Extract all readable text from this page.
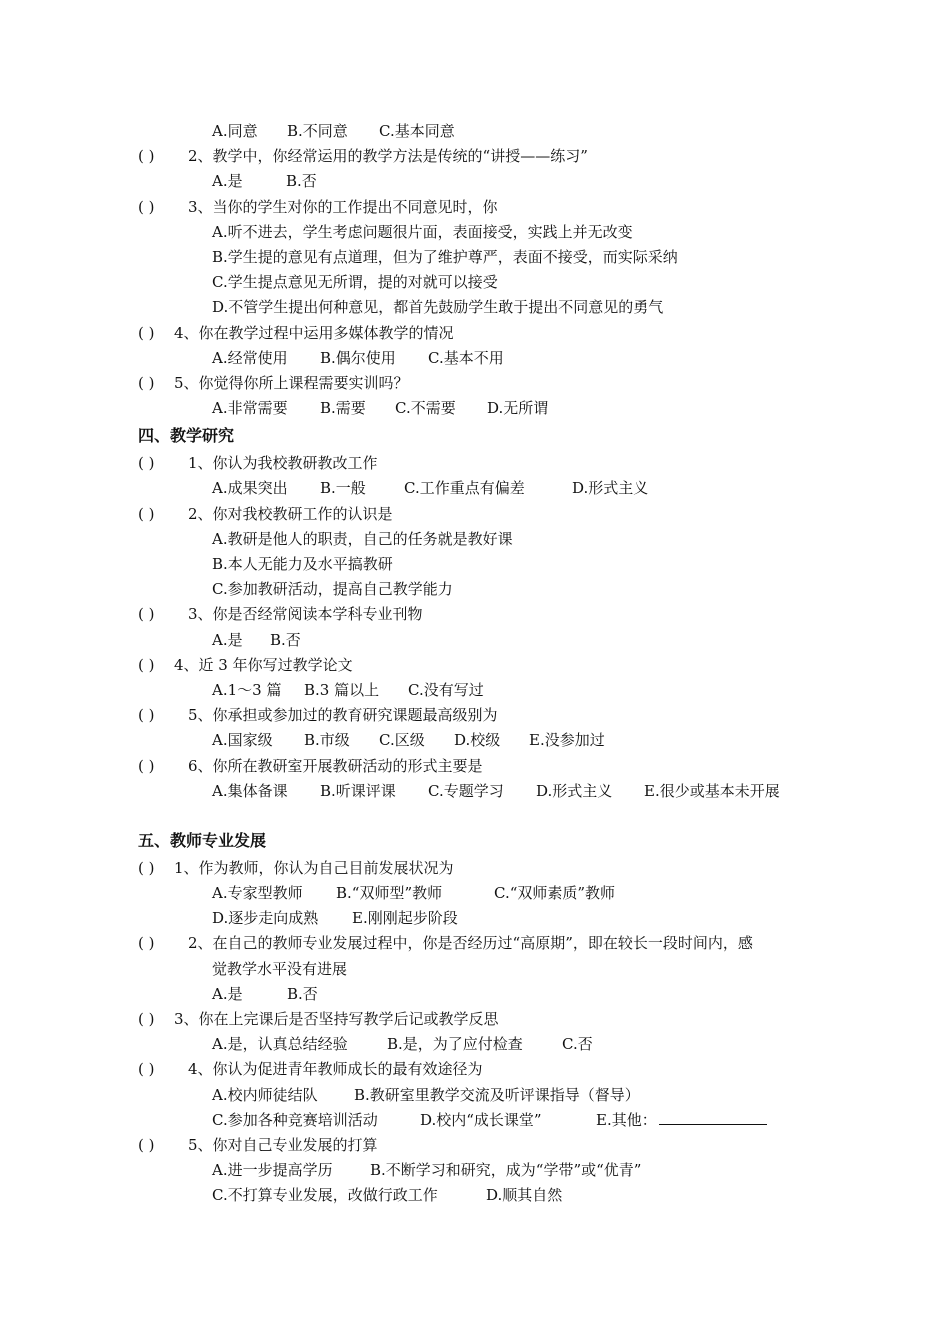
A.同意 B.不同意 C.基本同意
( ) 2、教学中，你经常运用的教学方法是传统的“讲授——练习”
A.是	B.否
( ) 3、当你的学生对你的工作提出不同意见时，你
A.听不进去，学生考虑问题很片面，表面接受，实践上并无改变
B.学生提的意见有点道理，但为了维护尊严，表面不接受，而实际采纳
C.学生提点意见无所谓，提的对就可以接受
D.不管学生提出何种意见，都首先鼓励学生敢于提出不同意见的勇气
( ) 4、你在教学过程中运用多媒体教学的情况
A.经常使用 B.偶尔使用 C.基本不用
( ) 5、你觉得你所上课程需要实训吗？
A.非常需要 B.需要 C.不需要 D.无所谓
四、教学研究
( ) 1、你认为我校教研教改工作
A.成果突出 B.一般	C.工作重点有偏差	D.形式主义
( ) 2、你对我校教研工作的认识是
A.教研是他人的职责，自己的任务就是教好课
B.本人无能力及水平搞教研
C.参加教研活动，提高自己教学能力
( ) 3、你是否经常阅读本学科专业刊物
A.是 B.否
( ) 4、近 3 年你写过教学论文
A.1～3 篇 B.3 篇以上 C.没有写过
( ) 5、你承担或参加过的教育研究课题最高级别为
A.国家级 B.市级 C.区级 D.校级 E.没参加过
( ) 6、你所在教研室开展教研活动的形式主要是
A.集体备课 B.听课评课 C.专题学习 D.形式主义 E.很少或基本未开展
五、教师专业发展
( ) 1、作为教师，你认为自己目前发展状况为
A.专家型教师 B.“双师型”教师	C.“双师素质”教师
D.逐步走向成熟 E.刚刚起步阶段
( ) 2、在自己的教师专业发展过程中，你是否经历过“高原期”，即在较长一段时间内，感
觉教学水平没有进展
A.是	B.否
( ) 3、你在上完课后是否坚持写教学后记或教学反思
A.是，认真总结经验	B.是，为了应付检查	C.否
( ) 4、你认为促进青年教师成长的最有效途径为
A.校内师徒结队 B.教研室里教学交流及听评课指导（督导）
C.参加各种竞赛培训活动	D.校内“成长课堂”	E.其他：
( ) 5、你对自己专业发展的打算
A.进一步提高学历 B.不断学习和研究，成为“学带”或“优青”
C.不打算专业发展，改做行政工作	D.顺其自然
